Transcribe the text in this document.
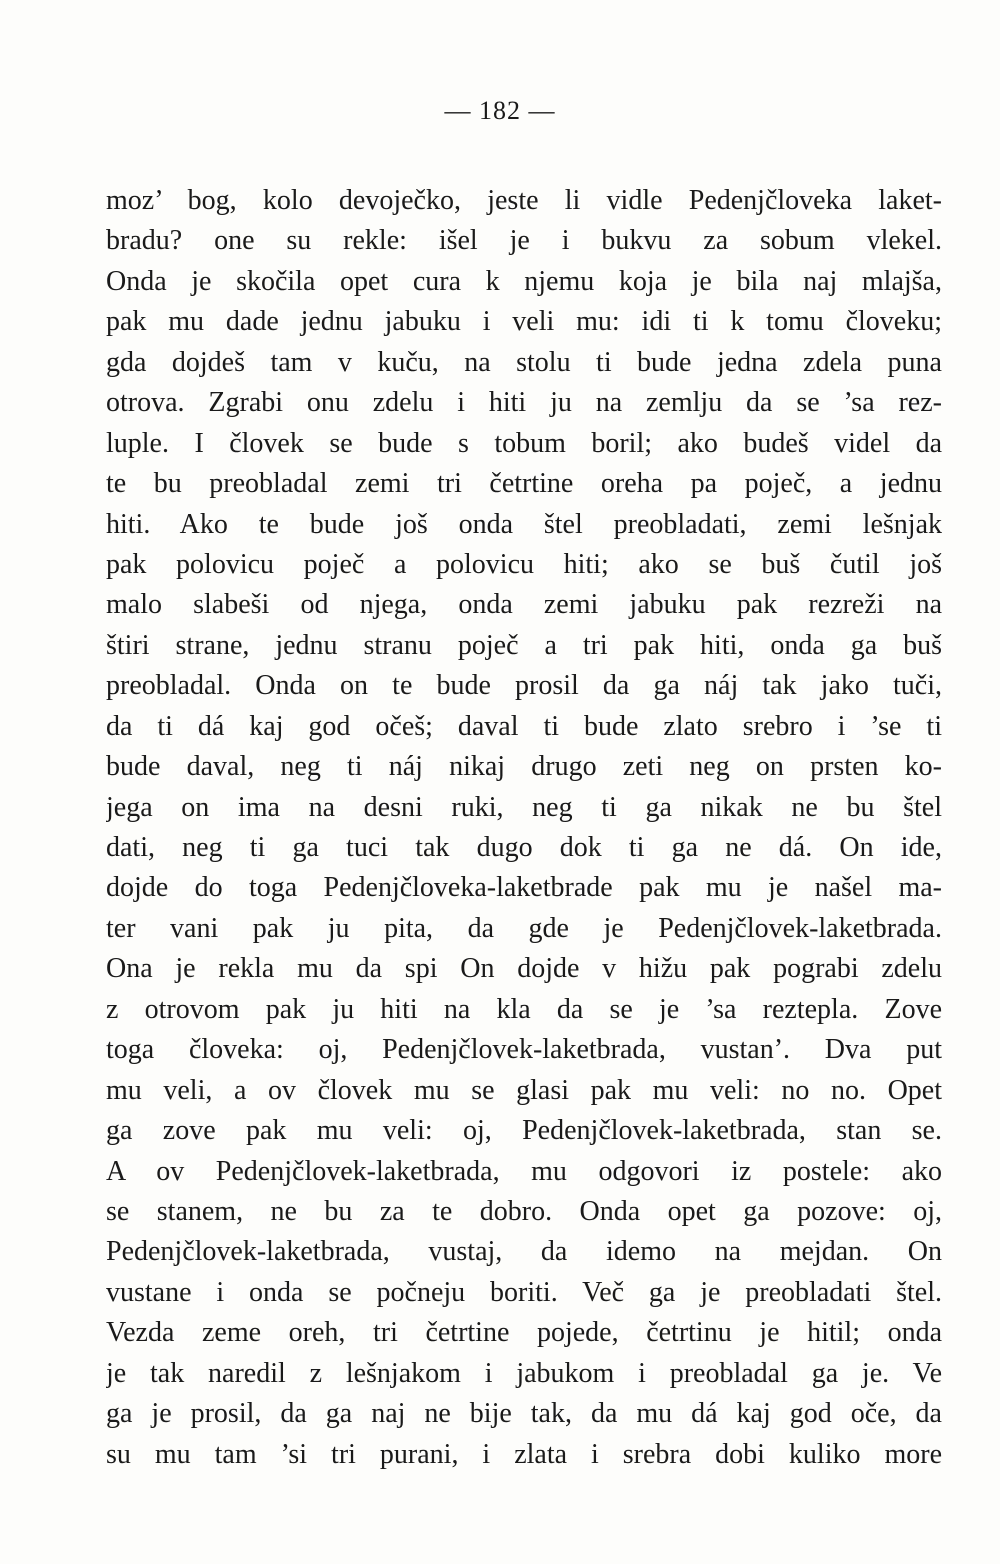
— 182 —
moz’ bog, kolo devoječko, jeste li vidle Pedenjčloveka laket-
bradu? one su rekle: išel je i bukvu za sobum vlekel.
Onda je skočila opet cura k njemu koja je bila naj mlajša,
pak mu dade jednu jabuku i veli mu: idi ti k tomu človeku;
gda dojdeš tam v kuču, na stolu ti bude jedna zdela puna
otrova. Zgrabi onu zdelu i hiti ju na zemlju da se ’sa rez-
luple. I človek se bude s tobum boril; ako budeš videl da
te bu preobladal zemi tri četrtine oreha pa poječ, a jednu
hiti. Ako te bude još onda štel preobladati, zemi lešnjak
pak polovicu poječ a polovicu hiti; ako se buš čutil još
malo slabeši od njega, onda zemi jabuku pak rezreži na
štiri strane, jednu stranu poječ a tri pak hiti, onda ga buš
preobladal. Onda on te bude prosil da ga náj tak jako tuči,
da ti dá kaj god očeš; daval ti bude zlato srebro i ’se ti
bude daval, neg ti náj nikaj drugo zeti neg on prsten ko-
jega on ima na desni ruki, neg ti ga nikak ne bu štel
dati, neg ti ga tuci tak dugo dok ti ga ne dá. On ide,
dojde do toga Pedenjčloveka-laketbrade pak mu je našel ma-
ter vani pak ju pita, da gde je Pedenjčlovek-laketbrada.
Ona je rekla mu da spi On dojde v hižu pak pograbi zdelu
z otrovom pak ju hiti na kla da se je ’sa reztepla. Zove
toga človeka: oj, Pedenjčlovek-laketbrada, vustan’. Dva put
mu veli, a ov človek mu se glasi pak mu veli: no no. Opet
ga zove pak mu veli: oj, Pedenjčlovek-laketbrada, stan se.
A ov Pedenjčlovek-laketbrada, mu odgovori iz postele: ako
se stanem, ne bu za te dobro. Onda opet ga pozove: oj,
Pedenjčlovek-laketbrada, vustaj, da idemo na mejdan. On
vustane i onda se počneju boriti. Več ga je preobladati štel.
Vezda zeme oreh, tri četrtine pojede, četrtinu je hitil; onda
je tak naredil z lešnjakom i jabukom i preobladal ga je. Ve
ga je prosil, da ga naj ne bije tak, da mu dá kaj god oče, da
su mu tam ’si tri purani, i zlata i srebra dobi kuliko more
